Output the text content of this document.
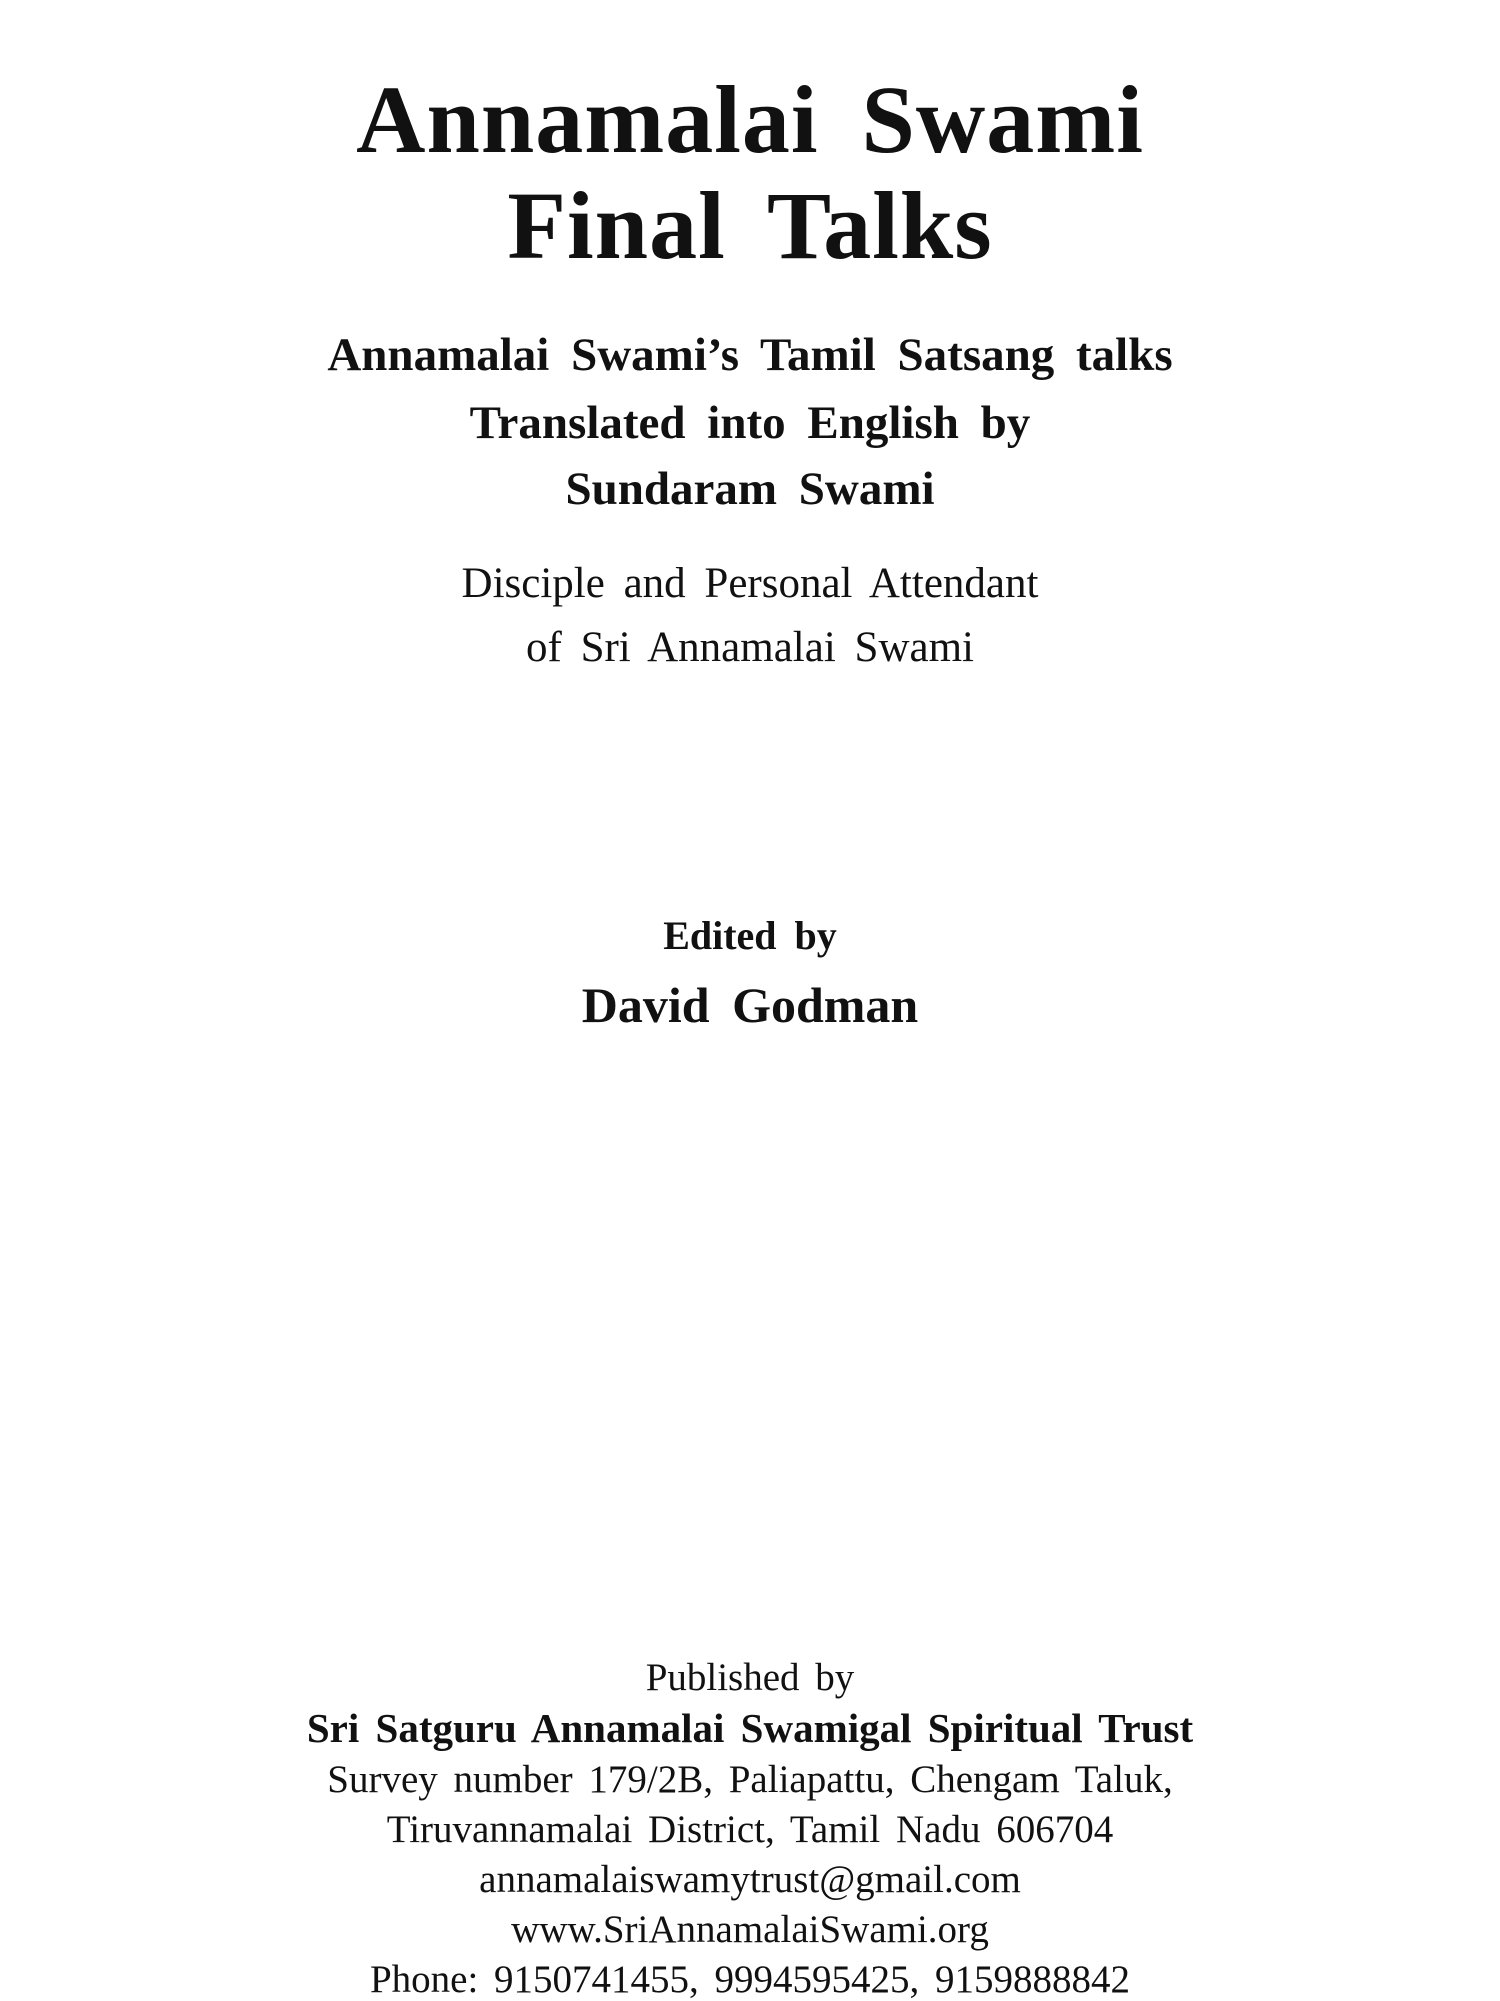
Annamalai Swami
Final Talks
Annamalai Swami’s Tamil Satsang talks
Translated into English by
Sundaram Swami
Disciple and Personal Attendant
of Sri Annamalai Swami
Edited by
David Godman
Published by
Sri Satguru Annamalai Swamigal Spiritual Trust
Survey number 179/2B, Paliapattu, Chengam Taluk,
Tiruvannamalai District, Tamil Nadu 606704
annamalaiswamytrust@gmail.com
www.SriAnnamalaiSwami.org
Phone: 9150741455, 9994595425, 9159888842
